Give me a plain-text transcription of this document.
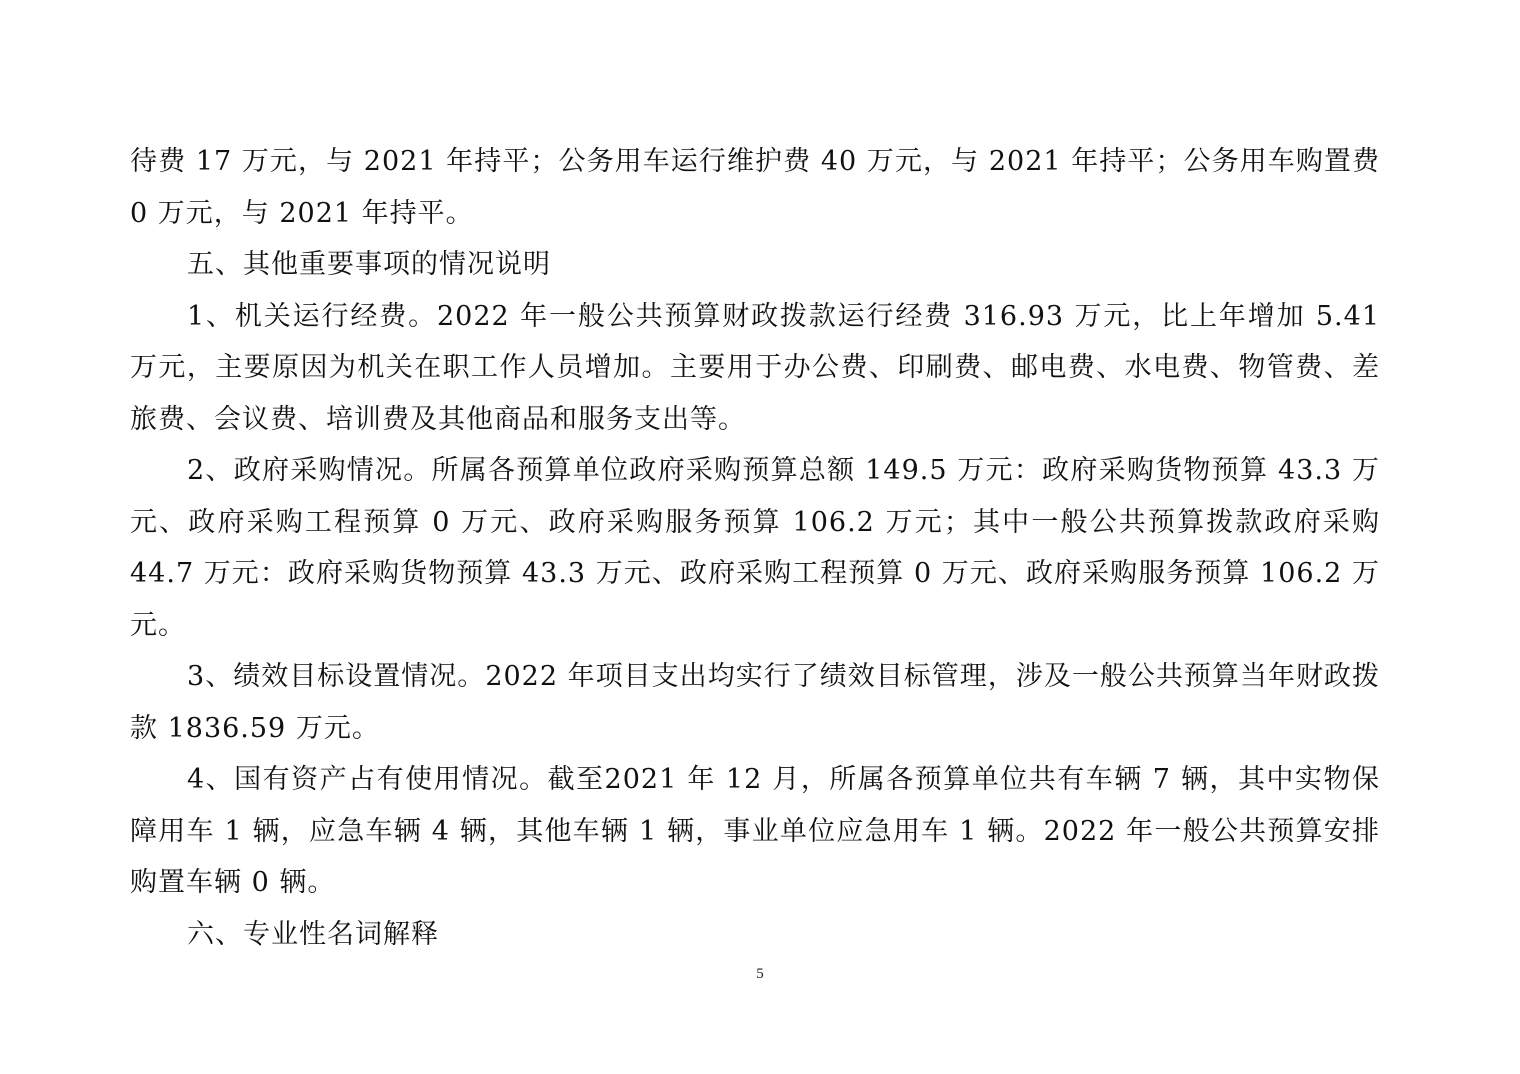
待费 17 万元，与 2021 年持平；公务用车运行维护费 40 万元，与 2021 年持平；公务用车购置费 0 万元，与 2021 年持平。

五、其他重要事项的情况说明

1、机关运行经费。2022 年一般公共预算财政拨款运行经费 316.93 万元，比上年增加 5.41 万元，主要原因为机关在职工作人员增加。主要用于办公费、印刷费、邮电费、水电费、物管费、差旅费、会议费、培训费及其他商品和服务支出等。

2、政府采购情况。所属各预算单位政府采购预算总额 149.5 万元：政府采购货物预算 43.3 万元、政府采购工程预算 0 万元、政府采购服务预算 106.2 万元；其中一般公共预算拨款政府采购 44.7 万元：政府采购货物预算 43.3 万元、政府采购工程预算 0 万元、政府采购服务预算 106.2 万元。

3、绩效目标设置情况。2022 年项目支出均实行了绩效目标管理，涉及一般公共预算当年财政拨款 1836.59 万元。

4、国有资产占有使用情况。截至2021 年 12 月，所属各预算单位共有车辆 7 辆，其中实物保障用车 1 辆，应急车辆 4 辆，其他车辆 1 辆，事业单位应急用车 1 辆。2022 年一般公共预算安排购置车辆 0 辆。

六、专业性名词解释
5
